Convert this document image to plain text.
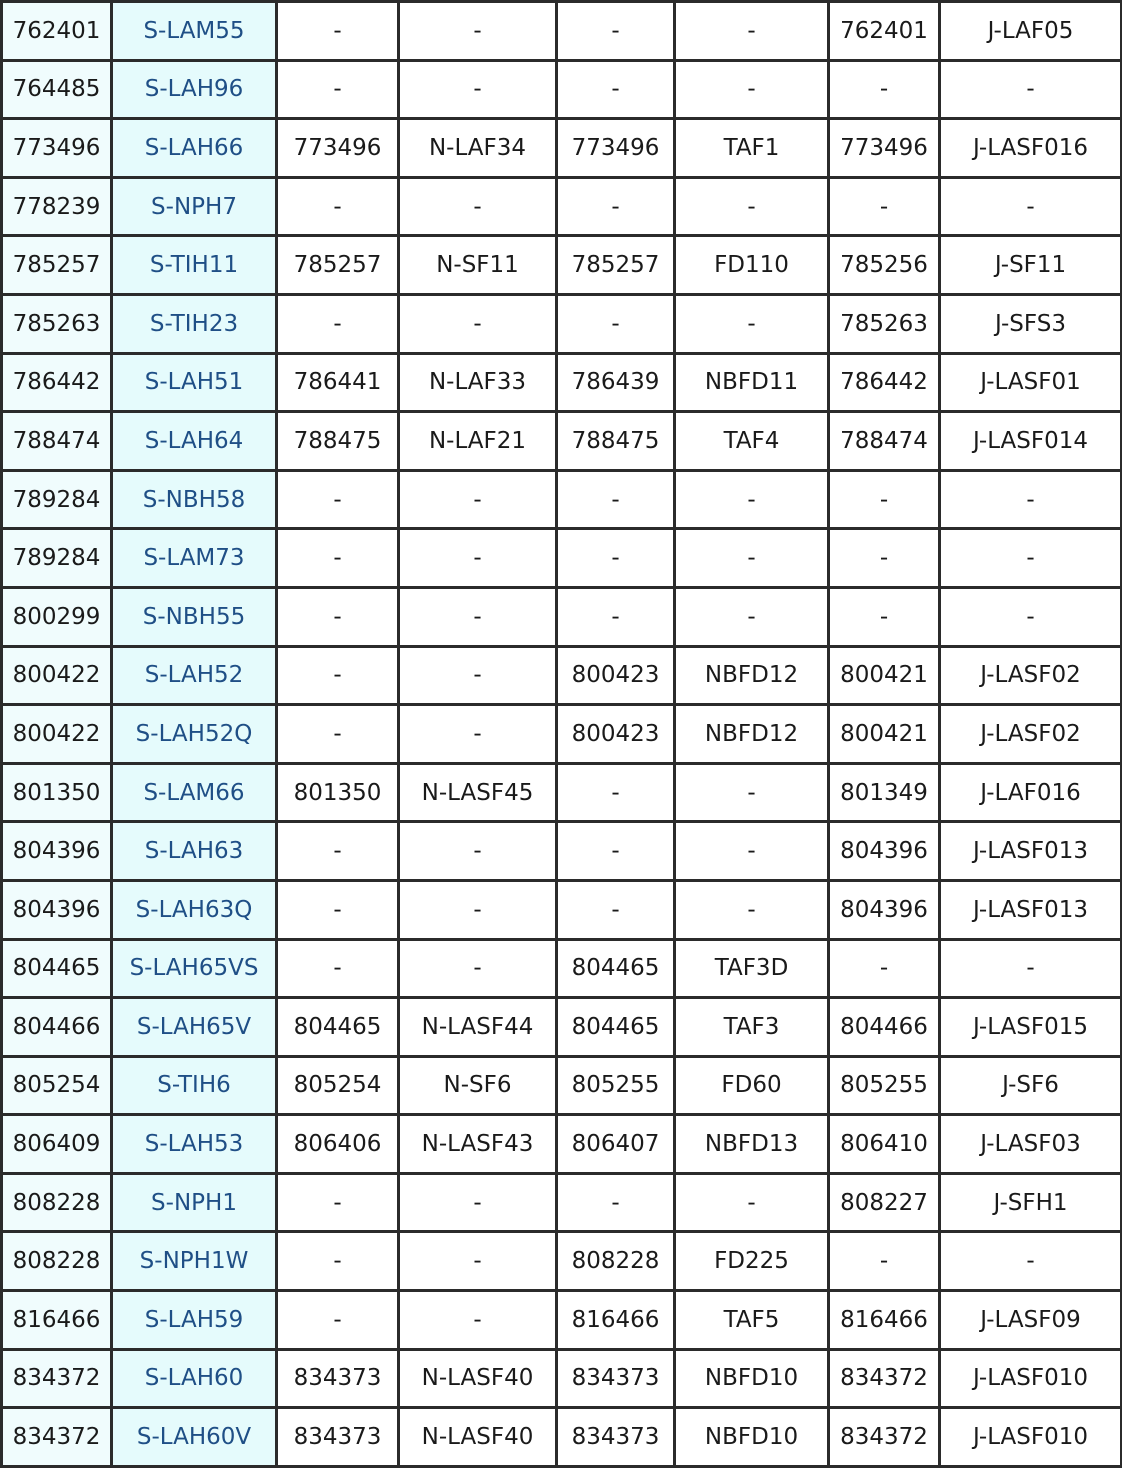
762401	S-LAM55	-	-	-	-	762401	J-LAF05
764485	S-LAH96	-	-	-	-	-	-
773496	S-LAH66	773496	N-LAF34	773496	TAF1	773496	J-LASF016
778239	S-NPH7	-	-	-	-	-	-
785257	S-TIH11	785257	N-SF11	785257	FD110	785256	J-SF11
785263	S-TIH23	-	-	-	-	785263	J-SFS3
786442	S-LAH51	786441	N-LAF33	786439	NBFD11	786442	J-LASF01
788474	S-LAH64	788475	N-LAF21	788475	TAF4	788474	J-LASF014
789284	S-NBH58	-	-	-	-	-	-
789284	S-LAM73	-	-	-	-	-	-
800299	S-NBH55	-	-	-	-	-	-
800422	S-LAH52	-	-	800423	NBFD12	800421	J-LASF02
800422	S-LAH52Q	-	-	800423	NBFD12	800421	J-LASF02
801350	S-LAM66	801350	N-LASF45	-	-	801349	J-LAF016
804396	S-LAH63	-	-	-	-	804396	J-LASF013
804396	S-LAH63Q	-	-	-	-	804396	J-LASF013
804465	S-LAH65VS	-	-	804465	TAF3D	-	-
804466	S-LAH65V	804465	N-LASF44	804465	TAF3	804466	J-LASF015
805254	S-TIH6	805254	N-SF6	805255	FD60	805255	J-SF6
806409	S-LAH53	806406	N-LASF43	806407	NBFD13	806410	J-LASF03
808228	S-NPH1	-	-	-	-	808227	J-SFH1
808228	S-NPH1W	-	-	808228	FD225	-	-
816466	S-LAH59	-	-	816466	TAF5	816466	J-LASF09
834372	S-LAH60	834373	N-LASF40	834373	NBFD10	834372	J-LASF010
834372	S-LAH60V	834373	N-LASF40	834373	NBFD10	834372	J-LASF010
